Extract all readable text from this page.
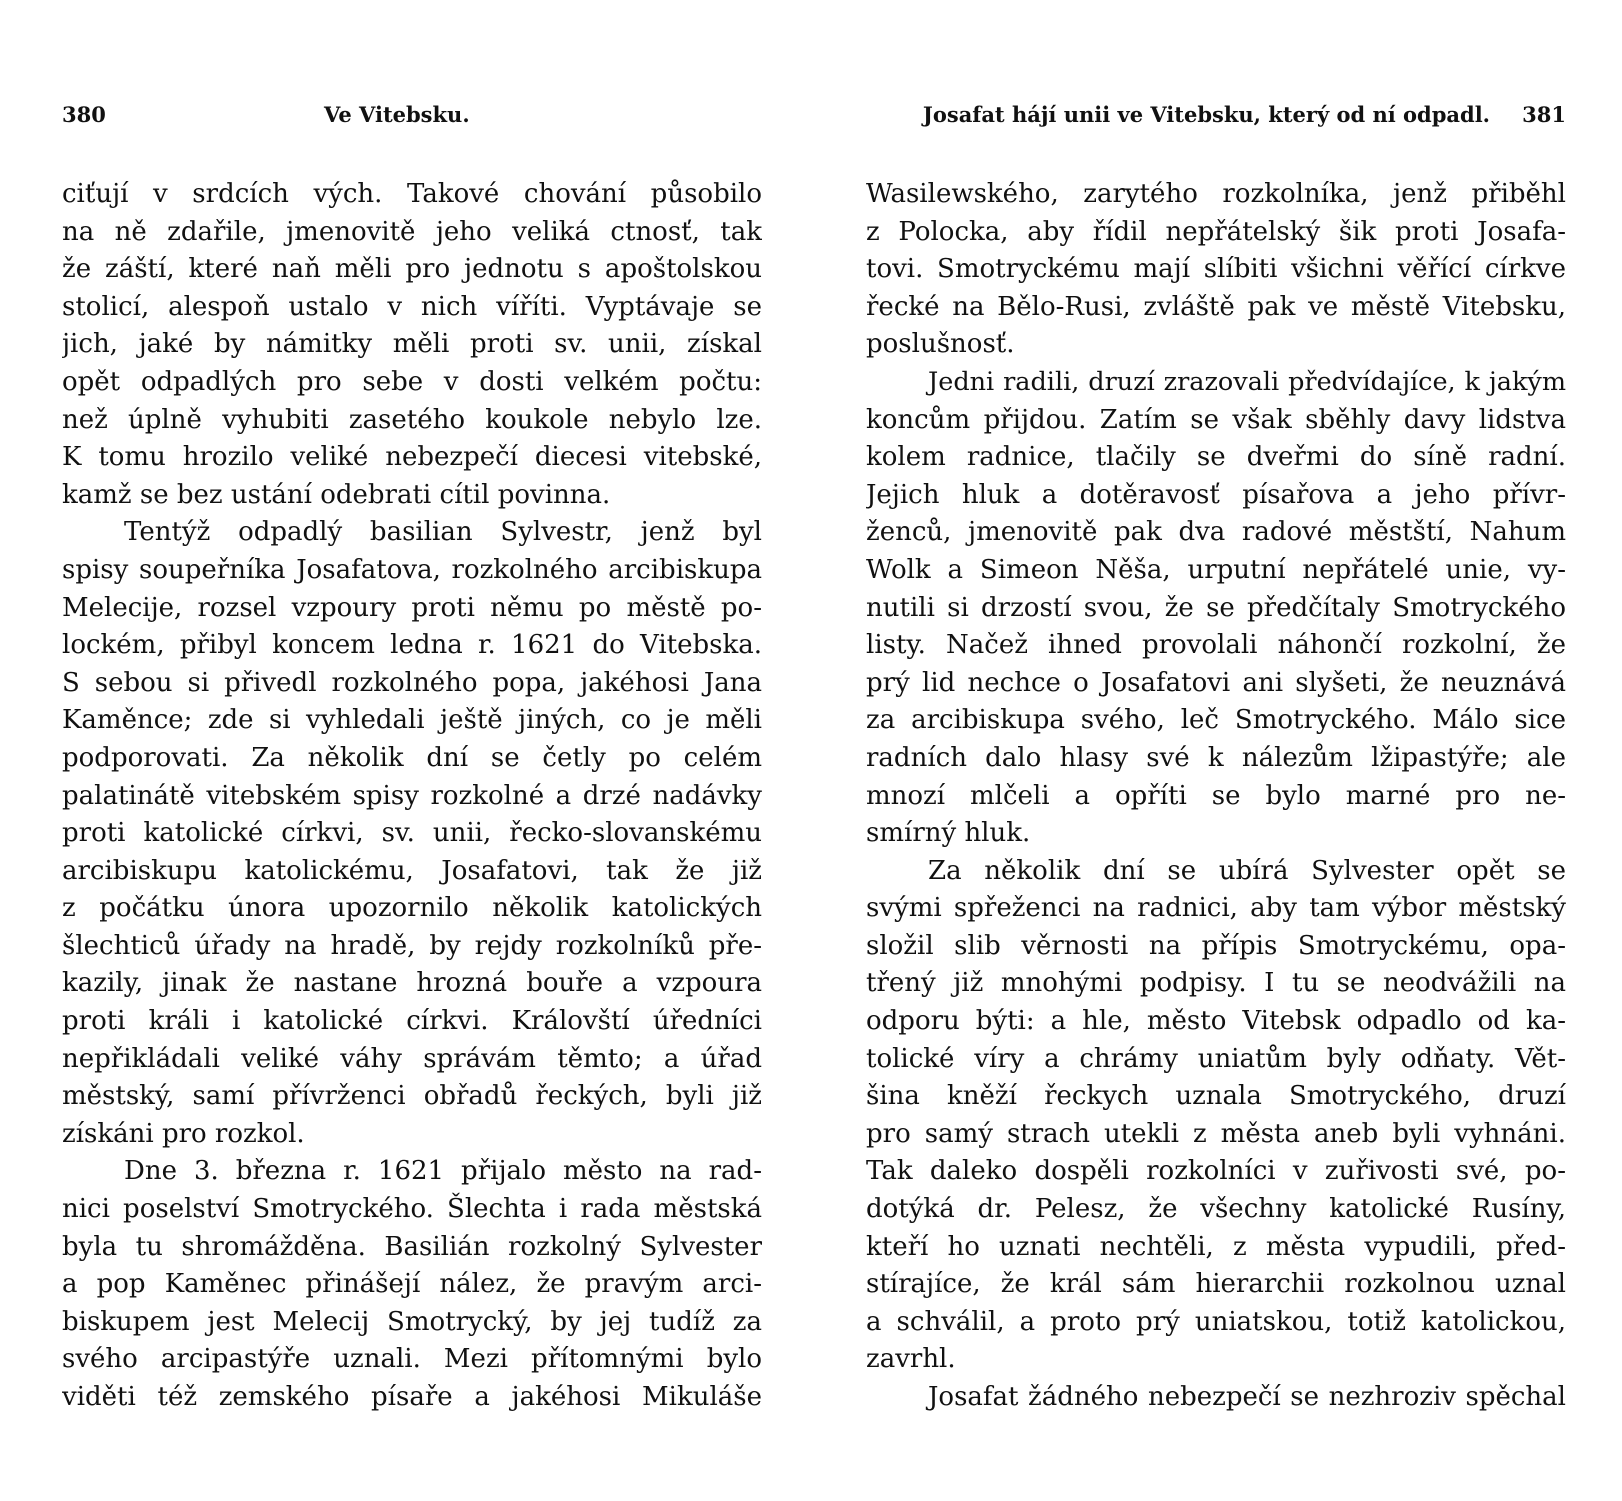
380	Ve Vitebsku.
ciťují v srdcích vých. Takové chování působilo
na ně zdařile, jmenovitě jeho veliká ctnosť, tak
že záští, které naň měli pro jednotu s apoštolskou
stolicí, alespoň ustalo v nich víříti. Vyptávaje se
jich, jaké by námitky měli proti sv. unii, získal
opět odpadlých pro sebe v dosti velkém počtu:
než úplně vyhubiti zasetého koukole nebylo lze.
K tomu hrozilo veliké nebezpečí diecesi vitebské,
kamž se bez ustání odebrati cítil povinna.
Tentýž odpadlý basilian Sylvestr, jenž byl
spisy soupeřníka Josafatova, rozkolného arcibiskupa
Melecije, rozsel vzpoury proti němu po městě po-
lockém, přibyl koncem ledna r. 1621 do Vitebska.
S sebou si přivedl rozkolného popa, jakéhosi Jana
Kaměnce; zde si vyhledali ještě jiných, co je měli
podporovati. Za několik dní se četly po celém
palatinátě vitebském spisy rozkolné a drzé nadávky
proti katolické církvi, sv. unii, řecko-slovanskému
arcibiskupu katolickému, Josafatovi, tak že již
z počátku února upozornilo několik katolických
šlechticů úřady na hradě, by rejdy rozkolníků pře-
kazily, jinak že nastane hrozná bouře a vzpoura
proti králi i katolické církvi. Královští úředníci
nepřikládali veliké váhy správám těmto; a úřad
městský, samí přívrženci obřadů řeckých, byli již
získáni pro rozkol.
Dne 3. března r. 1621 přijalo město na rad-
nici poselství Smotryckého. Šlechta i rada městská
byla tu shromážděna. Basilián rozkolný Sylvester
a pop Kaměnec přinášejí nález, že pravým arci-
biskupem jest Melecij Smotrycký, by jej tudíž za
svého arcipastýře uznali. Mezi přítomnými bylo
viděti též zemského písaře a jakéhosi Mikuláše
Josafat hájí unii ve Vitebsku, který od ní odpadl. 381
Wasilewského, zarytého rozkolníka, jenž přiběhl
z Polocka, aby řídil nepřátelský šik proti Josafa-
tovi. Smotryckému mají slíbiti všichni věřící církve
řecké na Bělo-Rusi, zvláště pak ve městě Vitebsku,
poslušnosť.
Jedni radili, druzí zrazovali předvídajíce, k jakým
koncům přijdou. Zatím se však sběhly davy lidstva
kolem radnice, tlačily se dveřmi do síně radní.
Jejich hluk a dotěravosť písařova a jeho přívr-
ženců, jmenovitě pak dva radové městští, Nahum
Wolk a Simeon Něša, urputní nepřátelé unie, vy-
nutili si drzostí svou, že se předčítaly Smotryckého
listy. Načež ihned provolali náhončí rozkolní, že
prý lid nechce o Josafatovi ani slyšeti, že neuznává
za arcibiskupa svého, leč Smotryckého. Málo sice
radních dalo hlasy své k nálezům lžipastýře; ale
mnozí mlčeli a opříti se bylo marné pro ne-
smírný hluk.
Za několik dní se ubírá Sylvester opět se
svými spřeženci na radnici, aby tam výbor městský
složil slib věrnosti na přípis Smotryckému, opa-
třený již mnohými podpisy. I tu se neodvážili na
odporu býti: a hle, město Vitebsk odpadlo od ka-
tolické víry a chrámy uniatům byly odňaty. Vět-
šina kněží řeckych uznala Smotryckého, druzí
pro samý strach utekli z města aneb byli vyhnáni.
Tak daleko dospěli rozkolníci v zuřivosti své, po-
dotýká dr. Pelesz, že všechny katolické Rusíny,
kteří ho uznati nechtěli, z města vypudili, před-
stírajíce, že král sám hierarchii rozkolnou uznal
a schválil, a proto prý uniatskou, totiž katolickou,
zavrhl.
Josafat žádného nebezpečí se nezhroziv spěchal
